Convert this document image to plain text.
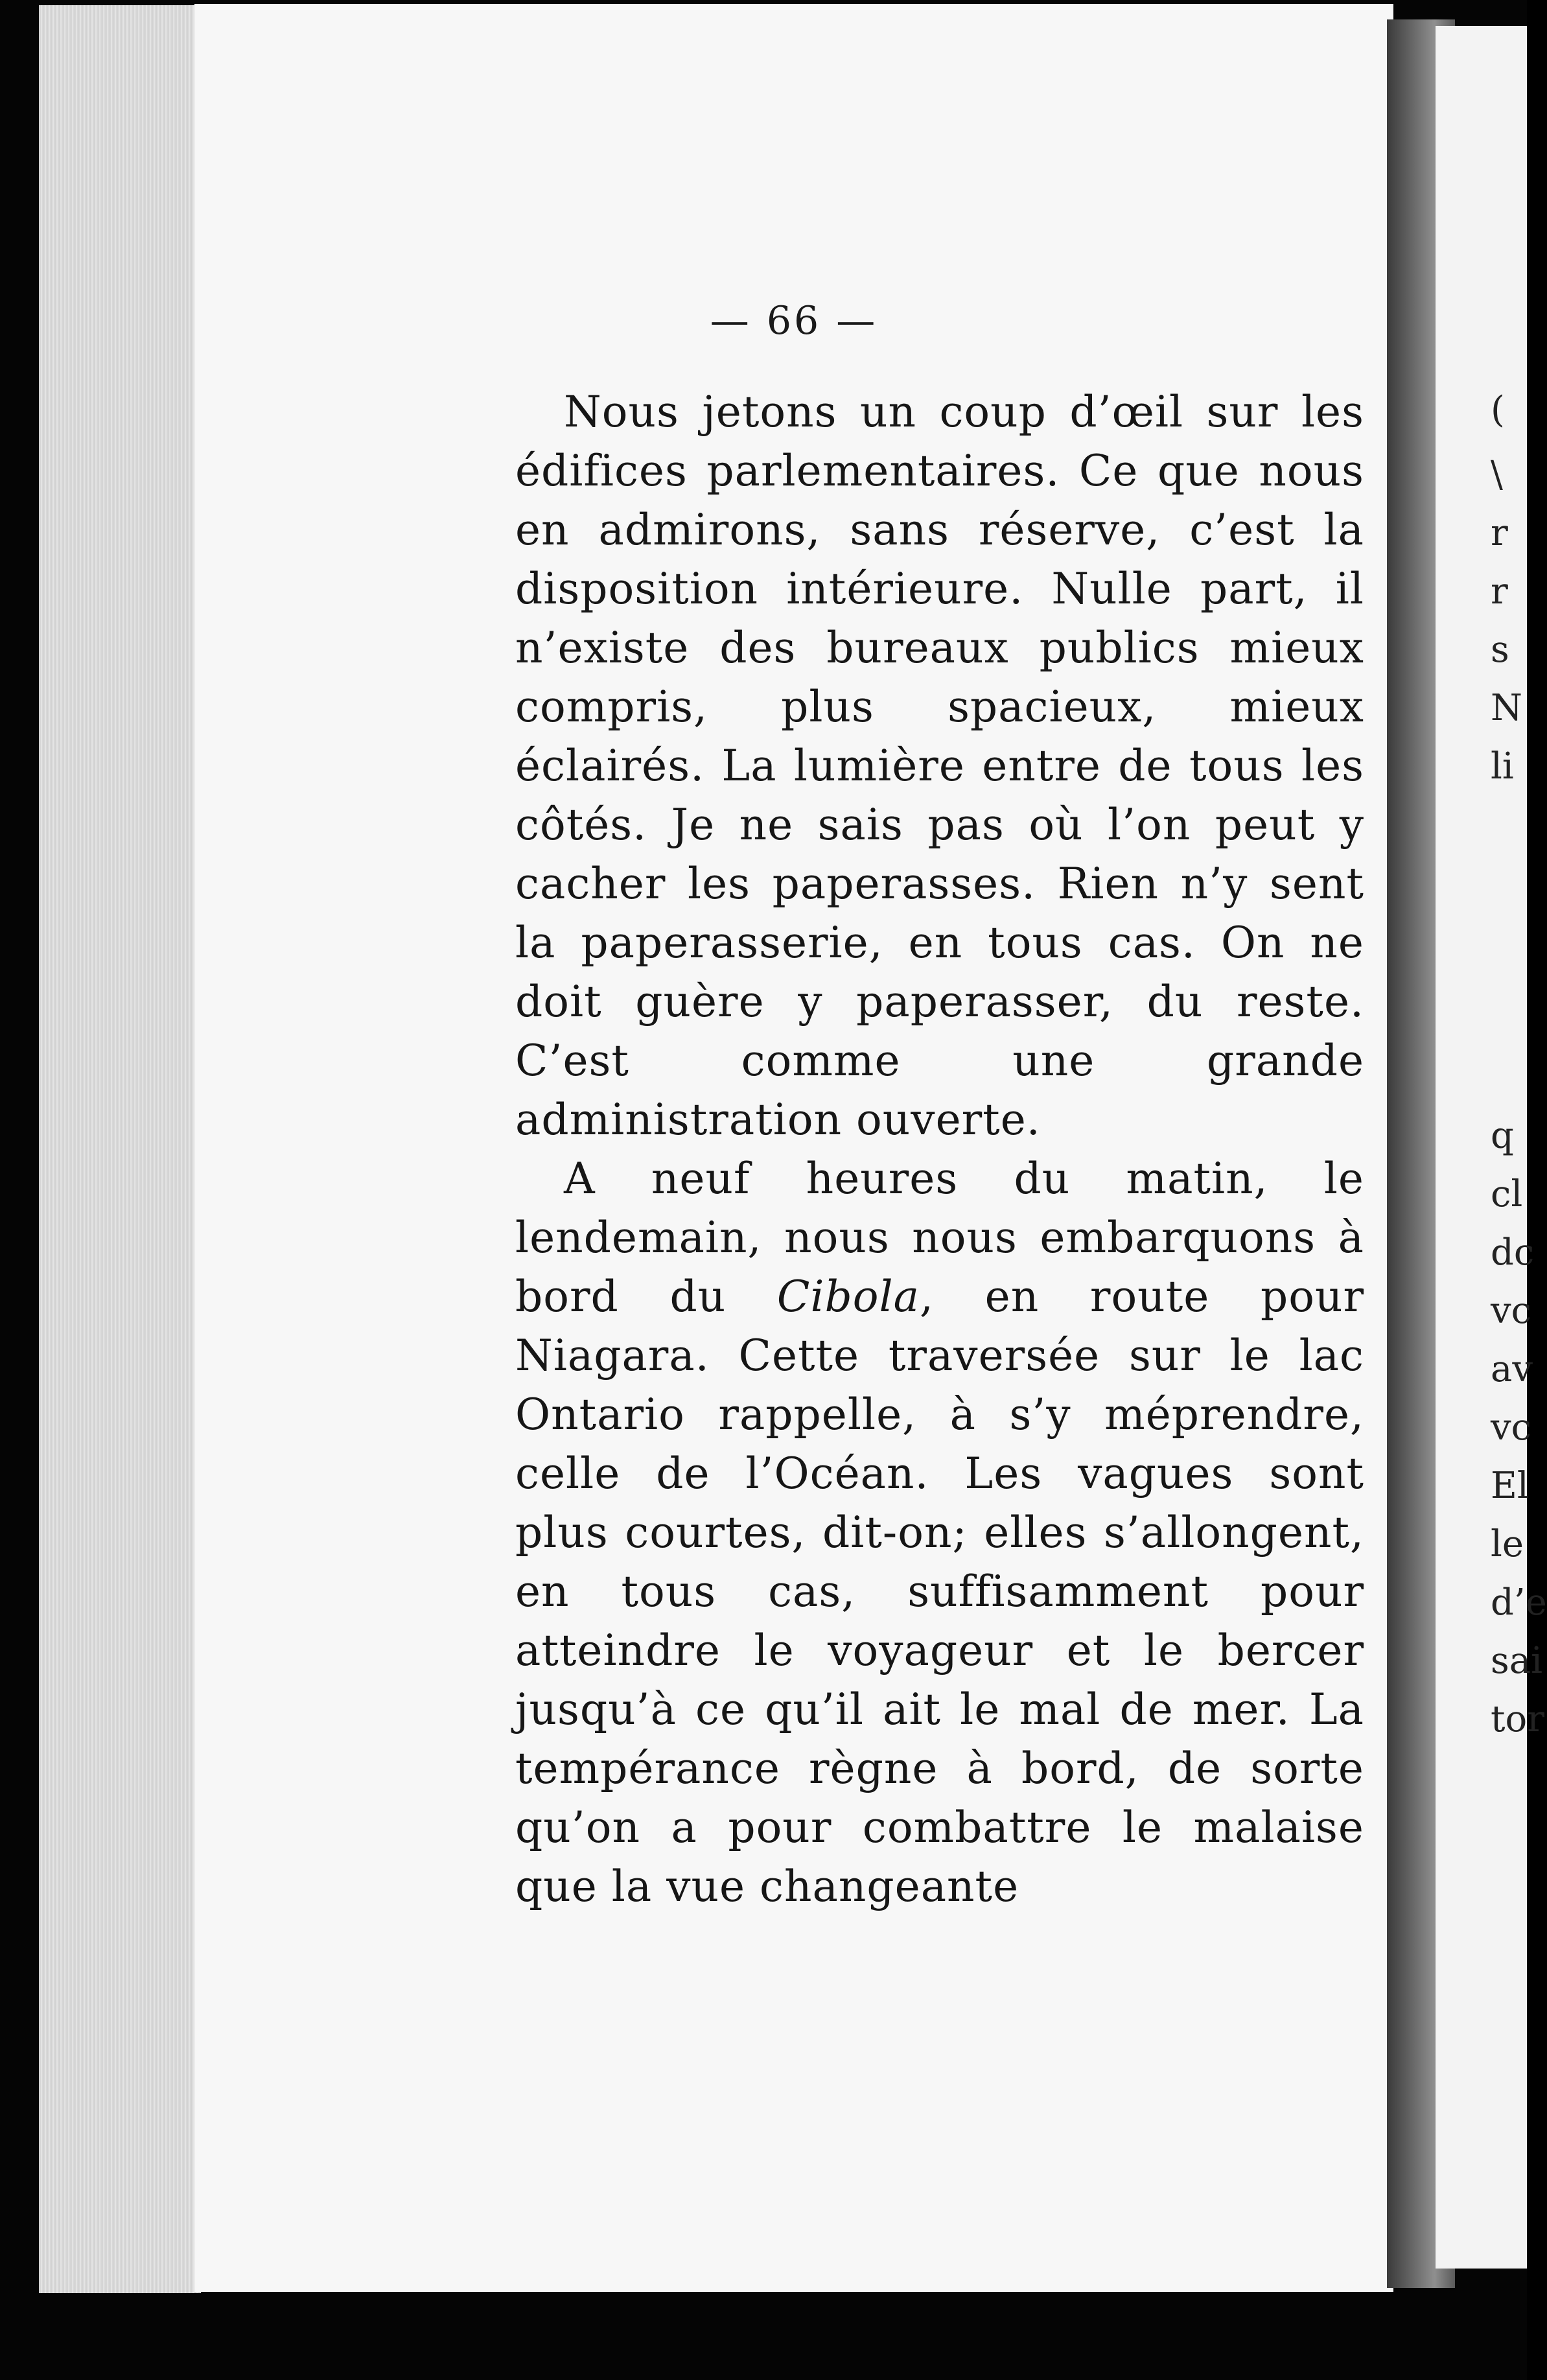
— 66 —

Nous jetons un coup d’œil sur les édifices parlementaires. Ce que nous en admirons, sans réserve, c’est la disposition intérieure. Nulle part, il n’existe des bureaux publics mieux compris, plus spacieux, mieux éclairés. La lumière entre de tous les côtés. Je ne sais pas où l’on peut y cacher les paperasses. Rien n’y sent la paperasserie, en tous cas. On ne doit guère y paperasser, du reste. C’est comme une grande administration ouverte.

A neuf heures du matin, le lendemain, nous nous embarquons à bord du Cibola, en route pour Niagara. Cette traversée sur le lac Ontario rappelle, à s’y méprendre, celle de l’Océan. Les vagues sont plus courtes, dit-on; elles s’allongent, en tous cas, suffisamment pour atteindre le voyageur et le bercer jusqu’à ce qu’il ait le mal de mer. La tempérance règne à bord, de sorte qu’on a pour combattre le malaise que la vue changeante

(
\
r
r
s
N
li
q
cl
dc
vc
av
vc
El
le
d’e
sai
tor
